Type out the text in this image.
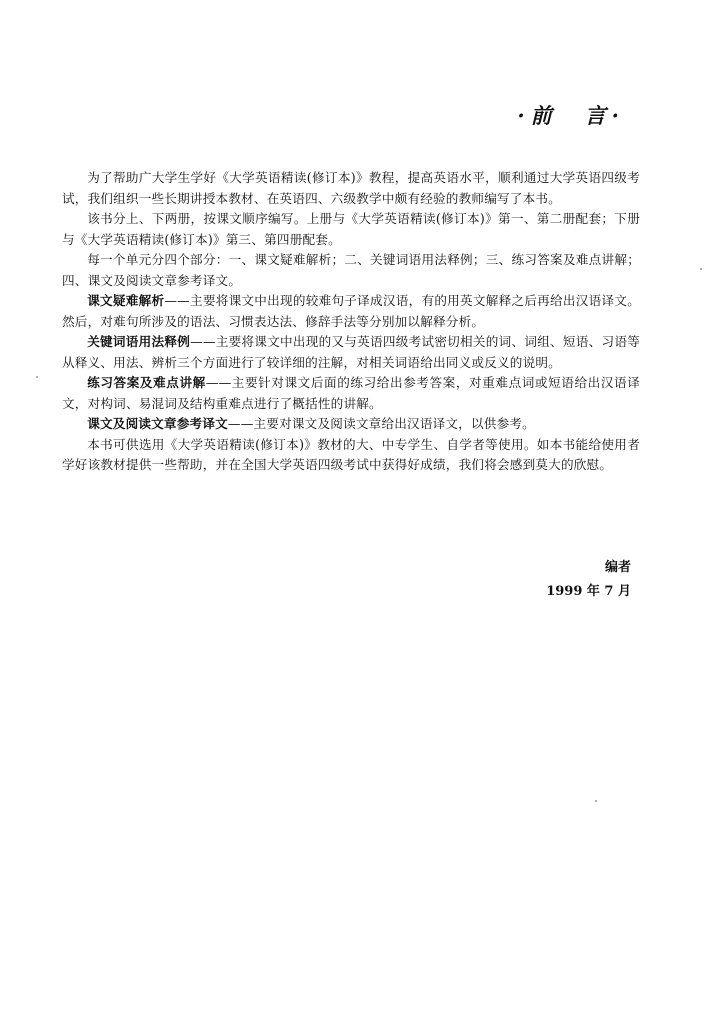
·前　言·

为了帮助广大学生学好《大学英语精读(修订本)》教程，提高英语水平，顺利通过大学英语四级考试，我们组织一些长期讲授本教材、在英语四、六级教学中颇有经验的教师编写了本书。

该书分上、下两册，按课文顺序编写。上册与《大学英语精读(修订本)》第一、第二册配套；下册与《大学英语精读(修订本)》第三、第四册配套。

每一个单元分四个部分：一、课文疑难解析；二、关键词语用法释例；三、练习答案及难点讲解；四、课文及阅读文章参考译文。

课文疑难解析——主要将课文中出现的较难句子译成汉语，有的用英文解释之后再给出汉语译文。然后，对难句所涉及的语法、习惯表达法、修辞手法等分别加以解释分析。

关键词语用法释例——主要将课文中出现的又与英语四级考试密切相关的词、词组、短语、习语等从释义、用法、辨析三个方面进行了较详细的注解，对相关词语给出同义或反义的说明。

练习答案及难点讲解——主要针对课文后面的练习给出参考答案，对重难点词或短语给出汉语译文，对构词、易混词及结构重难点进行了概括性的讲解。

课文及阅读文章参考译文——主要对课文及阅读文章给出汉语译文，以供参考。

本书可供选用《大学英语精读(修订本)》教材的大、中专学生、自学者等使用。如本书能给使用者学好该教材提供一些帮助，并在全国大学英语四级考试中获得好成绩，我们将会感到莫大的欣慰。

编者
1999 年 7 月
